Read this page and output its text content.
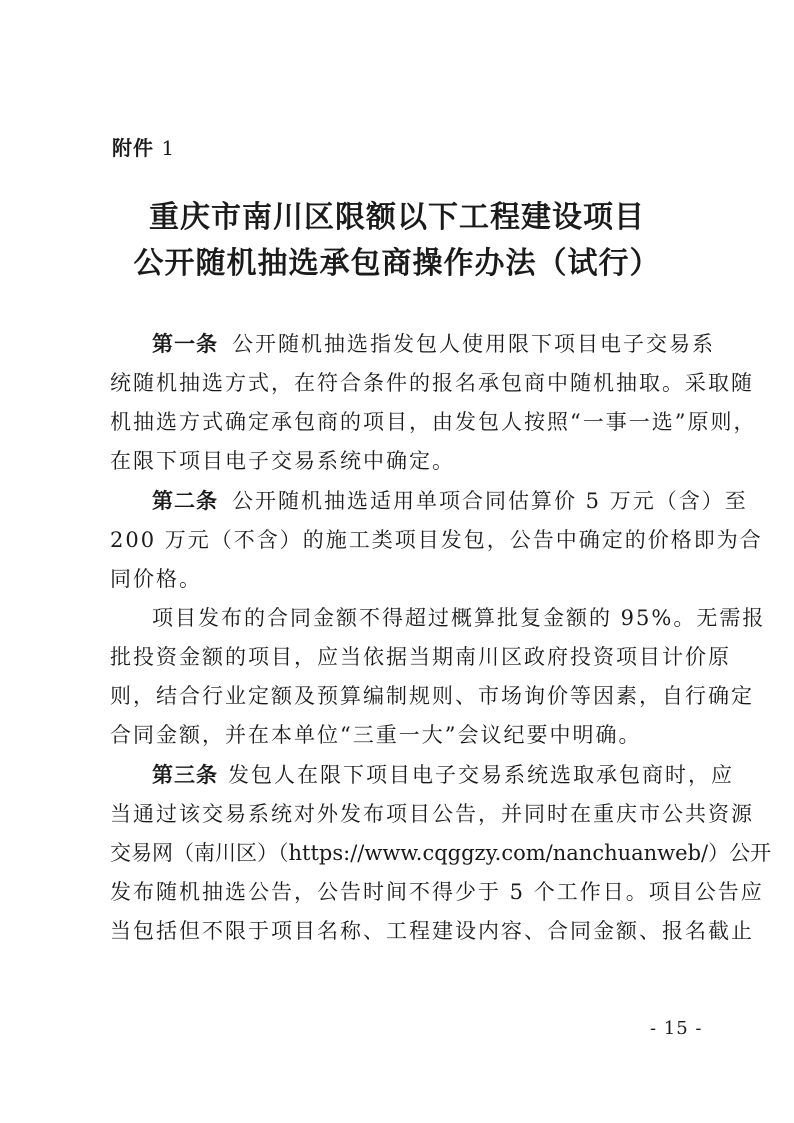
附件 1
重庆市南川区限额以下工程建设项目
公开随机抽选承包商操作办法（试行）
第一条 公开随机抽选指发包人使用限下项目电子交易系
统随机抽选方式，在符合条件的报名承包商中随机抽取。采取随
机抽选方式确定承包商的项目，由发包人按照“一事一选”原则，
在限下项目电子交易系统中确定。
第二条 公开随机抽选适用单项合同估算价 5 万元（含）至
200 万元（不含）的施工类项目发包，公告中确定的价格即为合
同价格。
项目发布的合同金额不得超过概算批复金额的 95%。无需报
批投资金额的项目，应当依据当期南川区政府投资项目计价原
则，结合行业定额及预算编制规则、市场询价等因素，自行确定
合同金额，并在本单位“三重一大”会议纪要中明确。
第三条 发包人在限下项目电子交易系统选取承包商时，应
当通过该交易系统对外发布项目公告，并同时在重庆市公共资源
交易网（南川区）（https://www.cqggzy.com/nanchuanweb/）公开
发布随机抽选公告，公告时间不得少于 5 个工作日。项目公告应
当包括但不限于项目名称、工程建设内容、合同金额、报名截止
- 15 -
